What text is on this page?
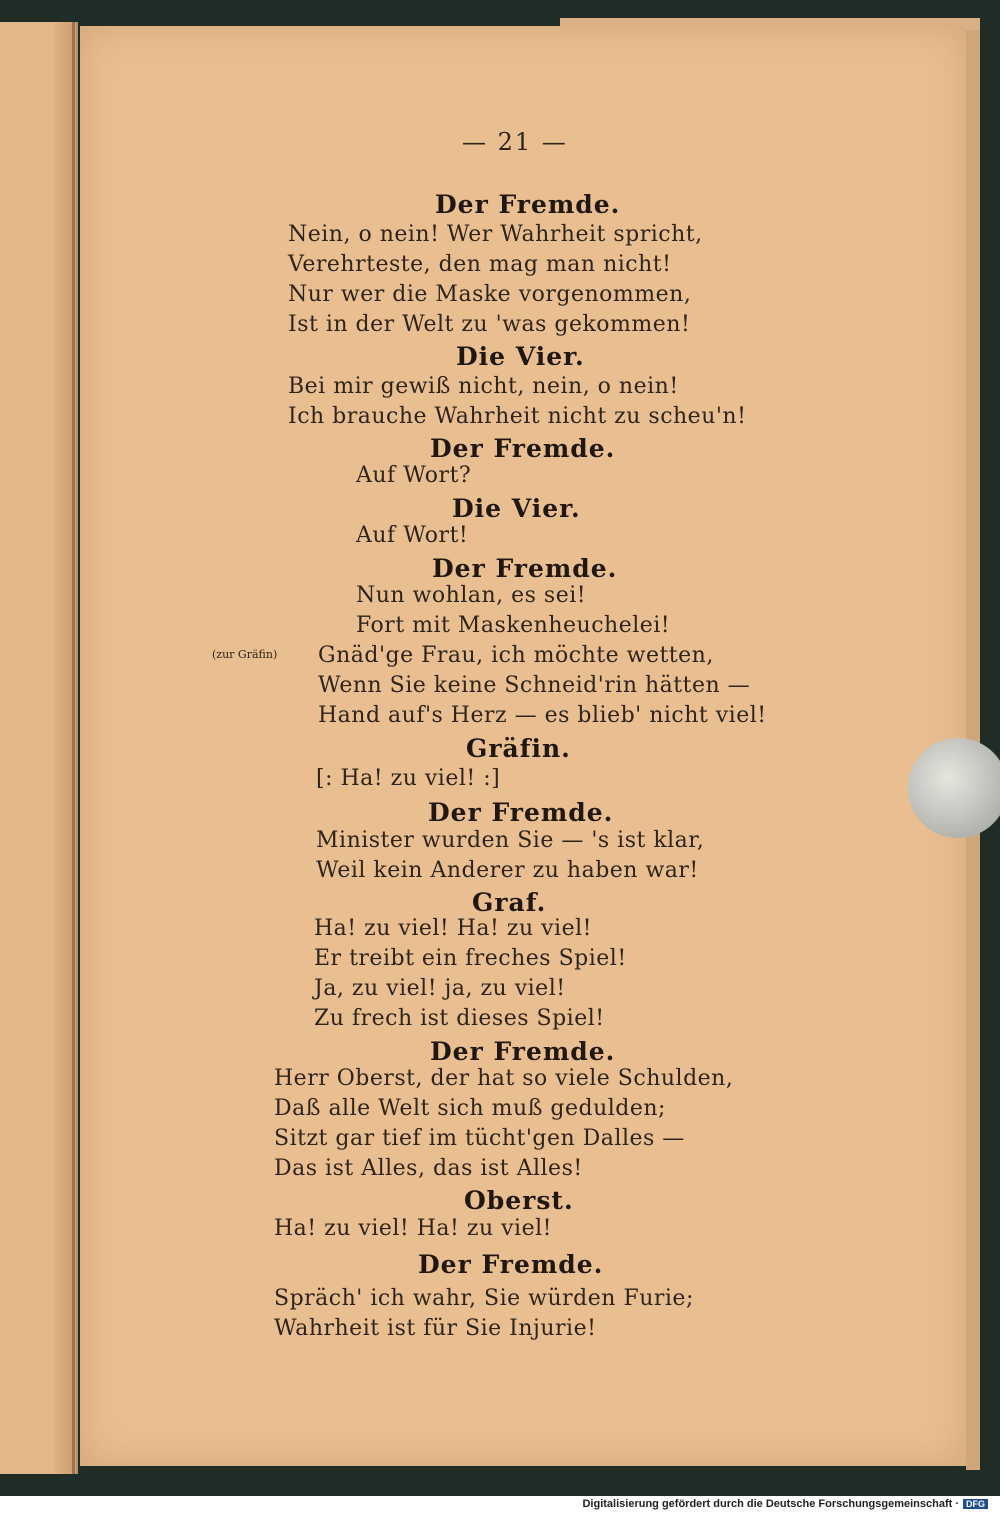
— 21 —
Der Fremde.
Nein, o nein! Wer Wahrheit spricht,
Verehrteste, den mag man nicht!
Nur wer die Maske vorgenommen,
Ist in der Welt zu 'was gekommen!
Die Vier.
Bei mir gewiß nicht, nein, o nein!
Ich brauche Wahrheit nicht zu scheu'n!
Der Fremde.
Auf Wort?
Die Vier.
Auf Wort!
Der Fremde.
Nun wohlan, es sei!
Fort mit Maskenheuchelei!
(zur Gräfin) Gnäd'ge Frau, ich möchte wetten,
Wenn Sie keine Schneid'rin hätten —
Hand auf's Herz — es blieb' nicht viel!
Gräfin.
[: Ha! zu viel! :]
Der Fremde.
Minister wurden Sie — 's ist klar,
Weil kein Anderer zu haben war!
Graf.
Ha! zu viel! Ha! zu viel!
Er treibt ein freches Spiel!
Ja, zu viel! ja, zu viel!
Zu frech ist dieses Spiel!
Der Fremde.
Herr Oberst, der hat so viele Schulden,
Daß alle Welt sich muß gedulden;
Sitzt gar tief im tücht'gen Dalles —
Das ist Alles, das ist Alles!
Oberst.
Ha! zu viel! Ha! zu viel!
Der Fremde.
Spräch' ich wahr, Sie würden Furie;
Wahrheit ist für Sie Injurie!
Digitalisierung gefördert durch die Deutsche Forschungsgemeinschaft · DFG
